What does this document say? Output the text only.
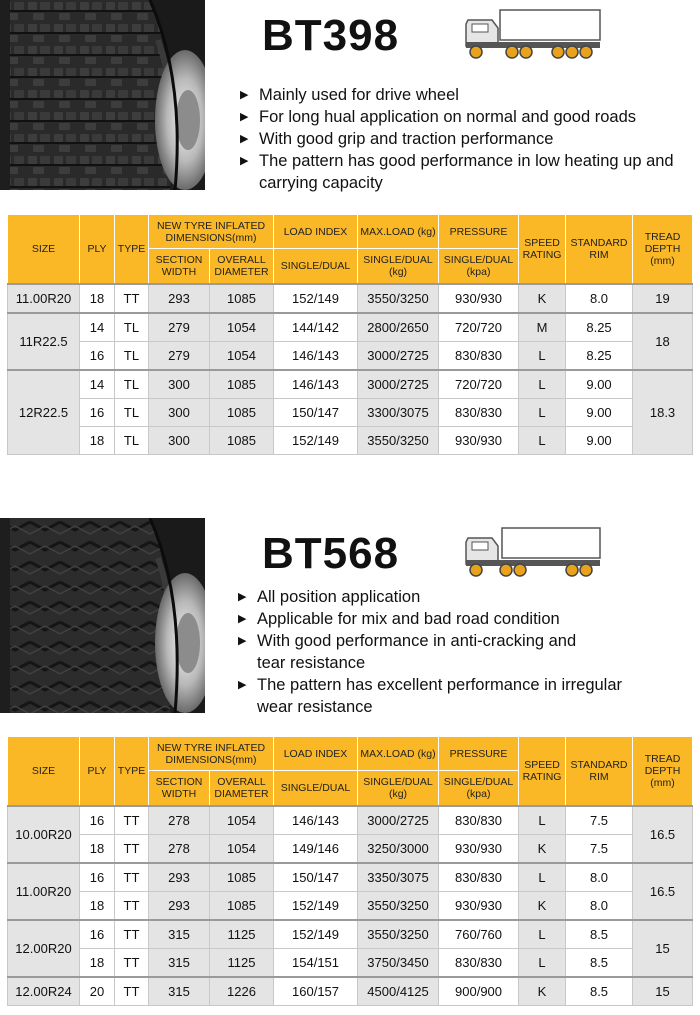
BT398
▶ Mainly used for drive wheel
▶ For long hual application on normal and good roads
▶ With good grip and traction performance
▶ The pattern has good performance in low heating up and carrying capacity
SIZE	PLY	TYPE	NEW TYRE INFLATED DIMENSIONS(mm)		LOAD INDEX	MAX.LOAD (kg)	PRESSURE	SPEED RATING	STANDARD RIM	TREAD DEPTH (mm)
			SECTION WIDTH	OVERALL DIAMETER	SINGLE/DUAL	SINGLE/DUAL (kg)	SINGLE/DUAL (kpa)			
11.00R20	18	TT	293	1085	152/149	3550/3250	930/930	K	8.0	19
11R22.5	14	TL	279	1054	144/142	2800/2650	720/720	M	8.25	18
	16	TL	279	1054	146/143	3000/2725	830/830	L	8.25	
12R22.5	14	TL	300	1085	146/143	3000/2725	720/720	L	9.00	18.3
	16	TL	300	1085	150/147	3300/3075	830/830	L	9.00	
	18	TL	300	1085	152/149	3550/3250	930/930	L	9.00	
BT568
▶ All position application
▶ Applicable for mix and bad road condition
▶ With good performance in anti-cracking and tear resistance
▶ The pattern has excellent performance in irregular wear resistance
SIZE	PLY	TYPE	NEW TYRE INFLATED DIMENSIONS(mm)		LOAD INDEX	MAX.LOAD (kg)	PRESSURE	SPEED RATING	STANDARD RIM	TREAD DEPTH (mm)
			SECTION WIDTH	OVERALL DIAMETER	SINGLE/DUAL	SINGLE/DUAL (kg)	SINGLE/DUAL (kpa)			
10.00R20	16	TT	278	1054	146/143	3000/2725	830/830	L	7.5	16.5
	18	TT	278	1054	149/146	3250/3000	930/930	K	7.5	
11.00R20	16	TT	293	1085	150/147	3350/3075	830/830	L	8.0	16.5
	18	TT	293	1085	152/149	3550/3250	930/930	K	8.0	
12.00R20	16	TT	315	1125	152/149	3550/3250	760/760	L	8.5	15
	18	TT	315	1125	154/151	3750/3450	830/830	L	8.5	
12.00R24	20	TT	315	1226	160/157	4500/4125	900/900	K	8.5	15
